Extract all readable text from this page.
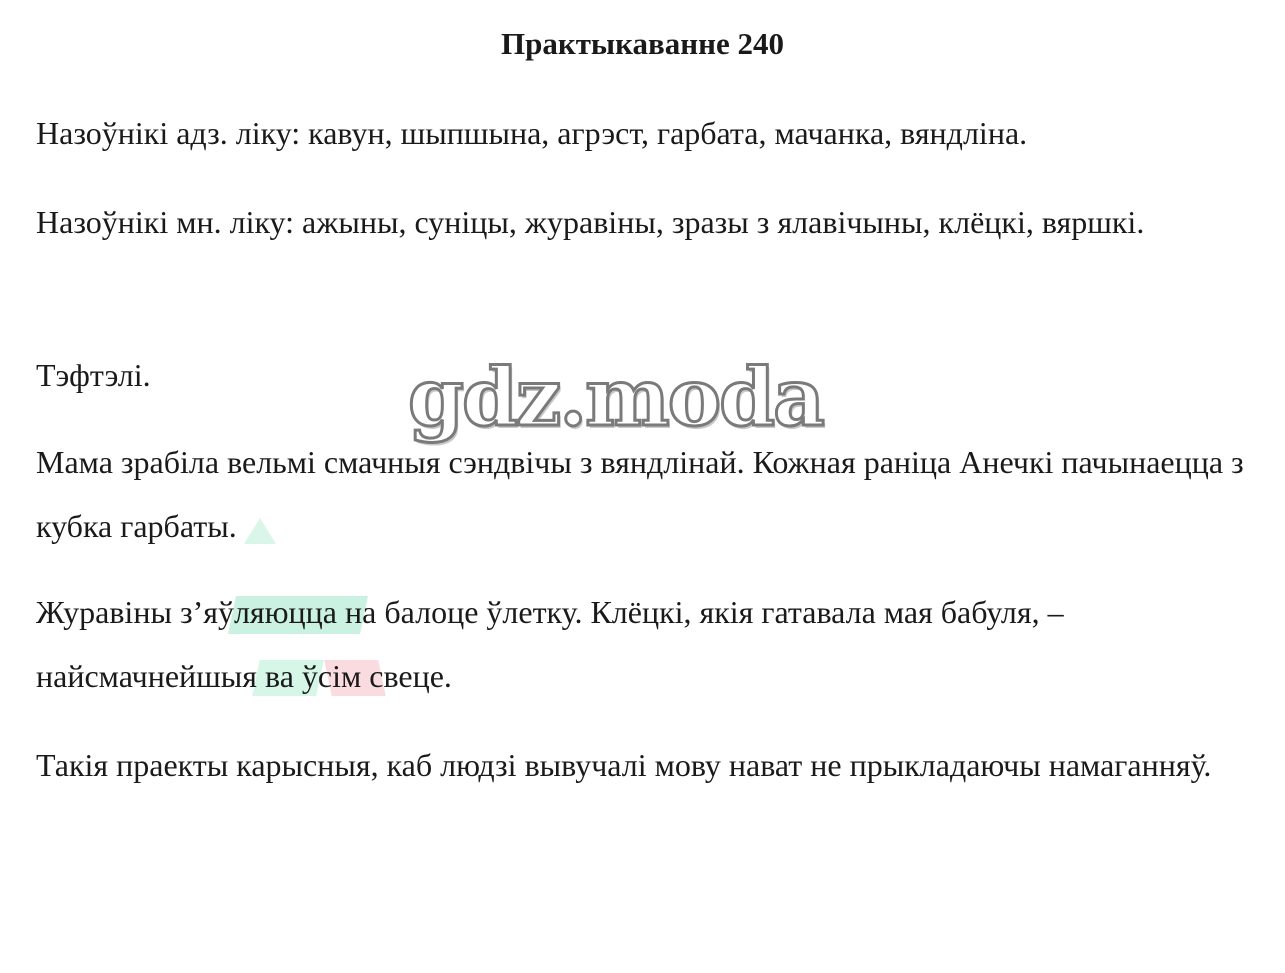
Практыкаванне 240

Назоўнікі адз. ліку: кавун, шыпшына, агрэст, гарбата, мачанка, вяндліна.

Назоўнікі мн. ліку: ажыны, суніцы, журавіны, зразы з ялавічыны, клёцкі, вяршкі.

Тэфтэлі.

Мама зрабіла вельмі смачныя сэндвічы з вяндлінай. Кожная раніца Анечкі пачынаецца з кубка гарбаты.

Журавіны з’яўляюцца на балоце ўлетку. Клёцкі, якія гатавала мая бабуля, – найсмачнейшыя ва ўсім свеце.

Такія праекты карысныя, каб людзі вывучалі мову нават не прыкладаючы намаганняў.

gdz.moda
